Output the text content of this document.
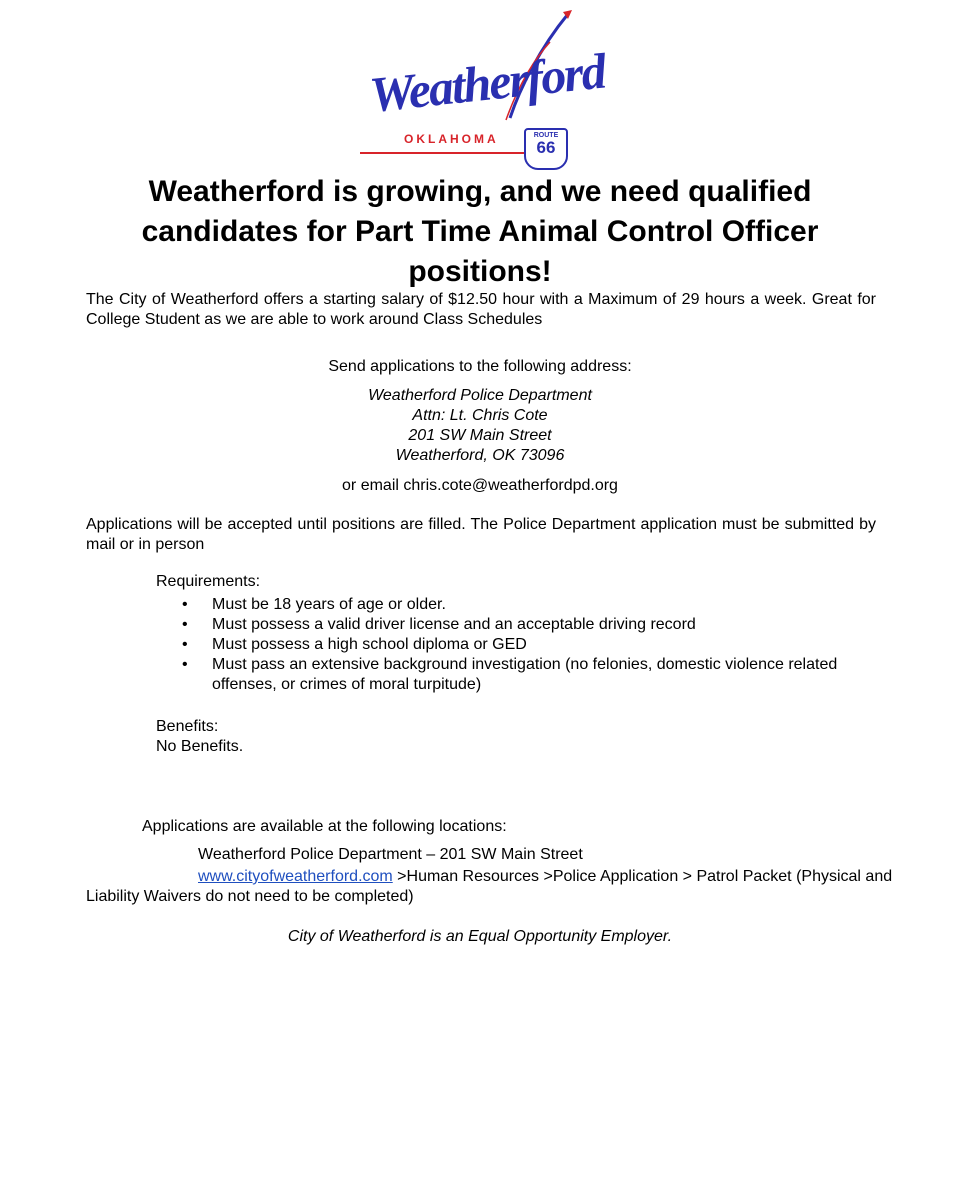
Weatherford
OKLAHOMA	ROUTE
66
Weatherford is growing, and we need qualified candidates for Part Time Animal Control Officer positions!

The City of Weatherford offers a starting salary of $12.50 hour with a Maximum of 29 hours a week. Great for College Student as we are able to work around Class Schedules

Send applications to the following address:
Weatherford Police Department
Attn: Lt. Chris Cote
201 SW Main Street
Weatherford, OK 73096
or email chris.cote@weatherfordpd.org

Applications will be accepted until positions are filled. The Police Department application must be submitted by mail or in person

Requirements:
• Must be 18 years of age or older.
• Must possess a valid driver license and an acceptable driving record
• Must possess a high school diploma or GED
• Must pass an extensive background investigation (no felonies, domestic violence related offenses, or crimes of moral turpitude)
Benefits:
No Benefits.
Applications are available at the following locations:
Weatherford Police Department – 201 SW Main Street
www.cityofweatherford.com >Human Resources >Police Application > Patrol Packet (Physical and Liability Waivers do not need to be completed)
City of Weatherford is an Equal Opportunity Employer.
